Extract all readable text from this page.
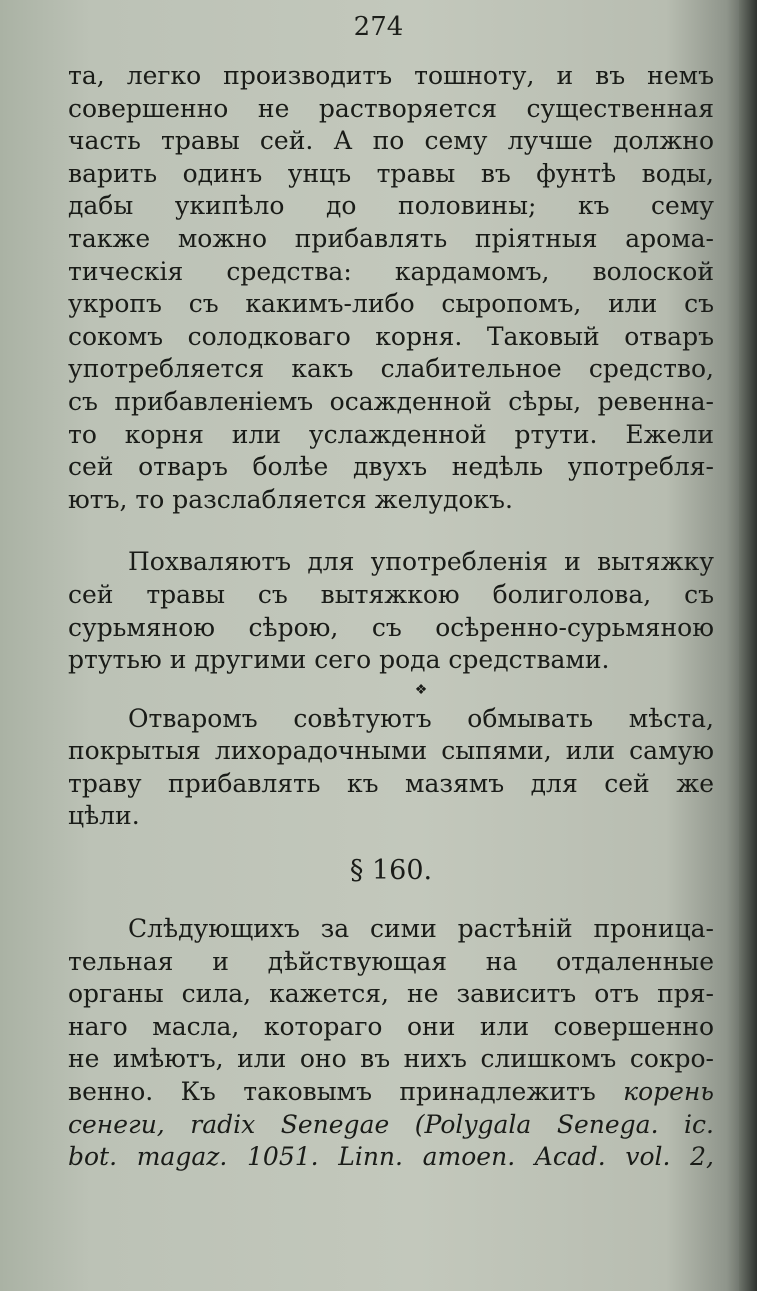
274
та, легко производитъ тошноту, и въ немъ
совершенно не растворяется существенная
часть травы сей. А по сему лучше должно
варить одинъ унцъ травы въ фунтѣ воды,
дабы укипѣло до половины; къ сему
также можно прибавлять пріятныя арома-
тическія средства: кардамомъ, волоской
укропъ съ какимъ-либо сыропомъ, или съ
сокомъ солодковаго корня. Таковый отваръ
употребляется какъ слабительное средство,
съ прибавленіемъ осажденной сѣры, ревенна-
то корня или услажденной ртути. Ежели
сей отваръ болѣе двухъ недѣль употребля-
ютъ, то разслабляется желудокъ.
Похваляютъ для употребленія и вытяжку
сей травы съ вытяжкою болиголова, съ
сурьмяною сѣрою, съ осѣренно-сурьмяною
ртутью и другими сего рода средствами.
❖
Отваромъ совѣтуютъ обмывать мѣста,
покрытыя лихорадочными сыпями, или самую
траву прибавлять къ мазямъ для сей же
цѣли.
§ 160.
Слѣдующихъ за сими растѣній проница-
тельная и дѣйствующая на отдаленные
органы сила, кажется, не зависитъ отъ пря-
наго масла, котораго они или совершенно
не имѣютъ, или оно въ нихъ слишкомъ сокро-
венно. Къ таковымъ принадлежитъ корень
сенеги, radix Senegae (Polygala Senega. ic.
bot. magaz. 1051. Linn. amoen. Acad. vol. 2,
